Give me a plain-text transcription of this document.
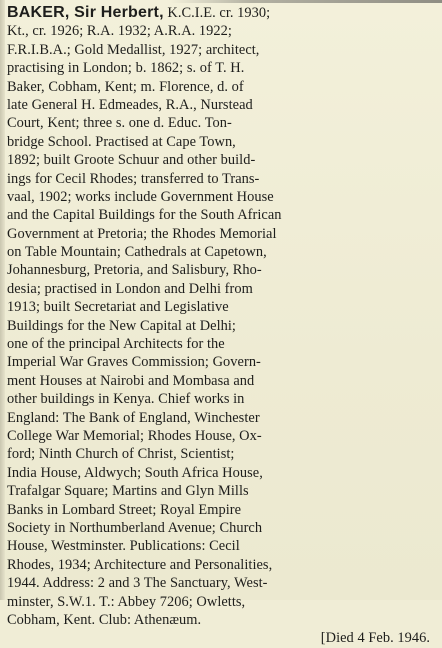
BAKER, Sir Herbert, K.C.I.E. cr. 1930;
Kt., cr. 1926; R.A. 1932; A.R.A. 1922;
F.R.I.B.A.; Gold Medallist, 1927; architect,
practising in London; b. 1862; s. of T. H.
Baker, Cobham, Kent; m. Florence, d. of
late General H. Edmeades, R.A., Nurstead
Court, Kent; three s. one d. Educ. Ton-
bridge School. Practised at Cape Town,
1892; built Groote Schuur and other build-
ings for Cecil Rhodes; transferred to Trans-
vaal, 1902; works include Government House
and the Capital Buildings for the South African
Government at Pretoria; the Rhodes Memorial
on Table Mountain; Cathedrals at Capetown,
Johannesburg, Pretoria, and Salisbury, Rho-
desia; practised in London and Delhi from
1913; built Secretariat and Legislative
Buildings for the New Capital at Delhi;
one of the principal Architects for the
Imperial War Graves Commission; Govern-
ment Houses at Nairobi and Mombasa and
other buildings in Kenya. Chief works in
England: The Bank of England, Winchester
College War Memorial; Rhodes House, Ox-
ford; Ninth Church of Christ, Scientist;
India House, Aldwych; South Africa House,
Trafalgar Square; Martins and Glyn Mills
Banks in Lombard Street; Royal Empire
Society in Northumberland Avenue; Church
House, Westminster. Publications: Cecil
Rhodes, 1934; Architecture and Personalities,
1944. Address: 2 and 3 The Sanctuary, West-
minster, S.W.1. T.: Abbey 7206; Owletts,
Cobham, Kent. Club: Athenæum.
[Died 4 Feb. 1946.
